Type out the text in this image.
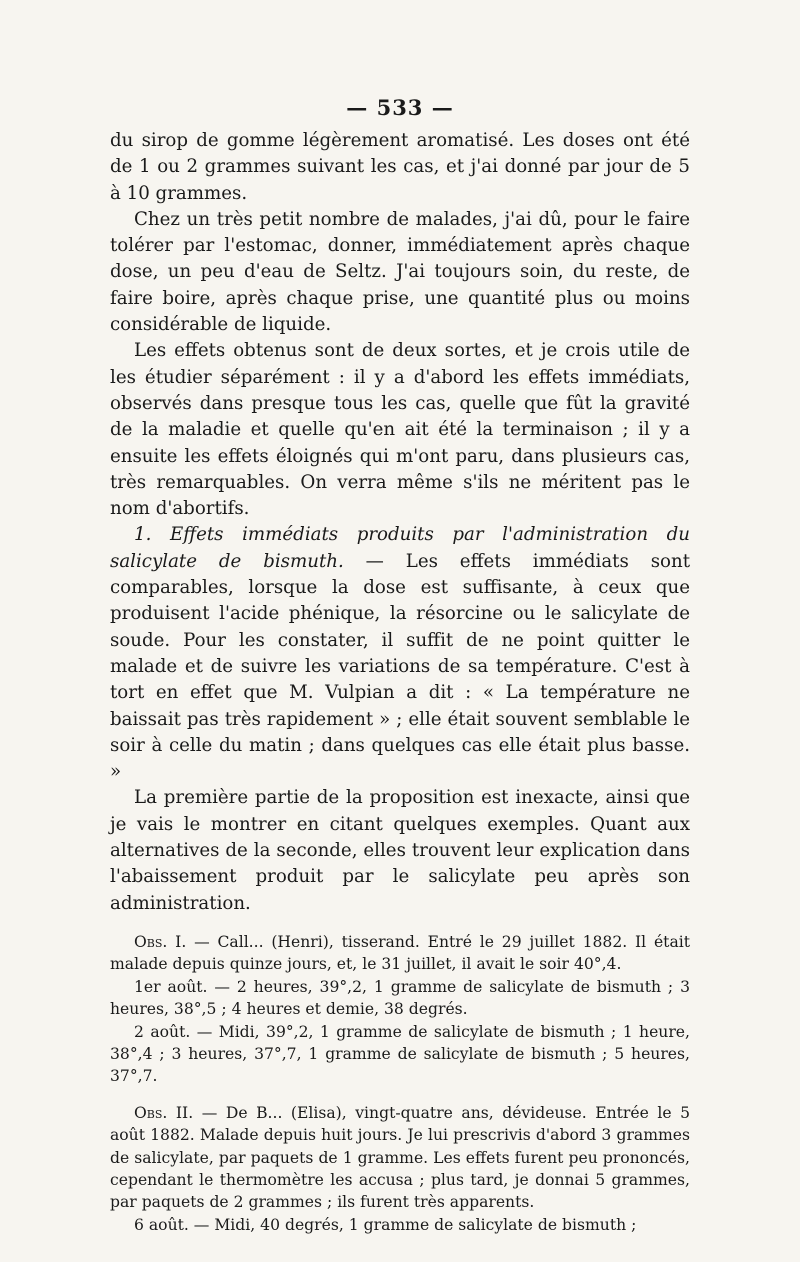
— 533 —

du sirop de gomme légèrement aromatisé. Les doses ont été de 1 ou 2 grammes suivant les cas, et j'ai donné par jour de 5 à 10 grammes.

Chez un très petit nombre de malades, j'ai dû, pour le faire tolérer par l'estomac, donner, immédiatement après chaque dose, un peu d'eau de Seltz. J'ai toujours soin, du reste, de faire boire, après chaque prise, une quantité plus ou moins considérable de liquide.

Les effets obtenus sont de deux sortes, et je crois utile de les étudier séparément : il y a d'abord les effets immédiats, observés dans presque tous les cas, quelle que fût la gravité de la maladie et quelle qu'en ait été la terminaison ; il y a ensuite les effets éloignés qui m'ont paru, dans plusieurs cas, très remarquables. On verra même s'ils ne méritent pas le nom d'abortifs.

1. Effets immédiats produits par l'administration du salicylate de bismuth. — Les effets immédiats sont comparables, lorsque la dose est suffisante, à ceux que produisent l'acide phénique, la résorcine ou le salicylate de soude. Pour les constater, il suffit de ne point quitter le malade et de suivre les variations de sa température. C'est à tort en effet que M. Vulpian a dit : « La température ne baissait pas très rapidement » ; elle était souvent semblable le soir à celle du matin ; dans quelques cas elle était plus basse. »

La première partie de la proposition est inexacte, ainsi que je vais le montrer en citant quelques exemples. Quant aux alternatives de la seconde, elles trouvent leur explication dans l'abaissement produit par le salicylate peu après son administration.

Obs. I. — Call... (Henri), tisserand. Entré le 29 juillet 1882. Il était malade depuis quinze jours, et, le 31 juillet, il avait le soir 40°,4.

1er août. — 2 heures, 39°,2, 1 gramme de salicylate de bismuth ; 3 heures, 38°,5 ; 4 heures et demie, 38 degrés.

2 août. — Midi, 39°,2, 1 gramme de salicylate de bismuth ; 1 heure, 38°,4 ; 3 heures, 37°,7, 1 gramme de salicylate de bismuth ; 5 heures, 37°,7.

Obs. II. — De B... (Elisa), vingt-quatre ans, dévideuse. Entrée le 5 août 1882. Malade depuis huit jours. Je lui prescrivis d'abord 3 grammes de salicylate, par paquets de 1 gramme. Les effets furent peu prononcés, cependant le thermomètre les accusa ; plus tard, je donnai 5 grammes, par paquets de 2 grammes ; ils furent très apparents.

6 août. — Midi, 40 degrés, 1 gramme de salicylate de bismuth ;
